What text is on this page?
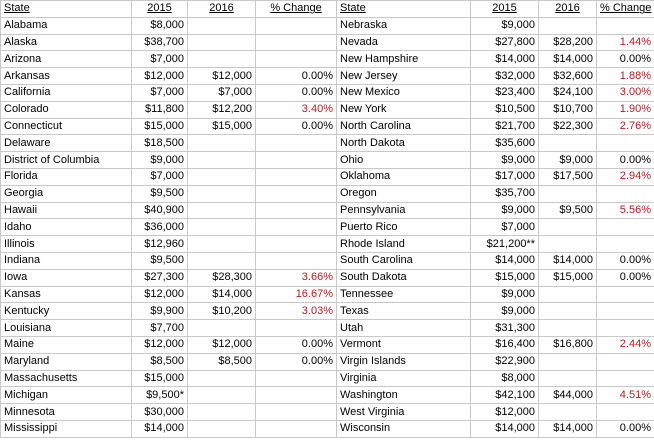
State	2015	2016	% Change	State	2015	2016	% Change
Alabama	$8,000			Nebraska	$9,000		
Alaska	$38,700			Nevada	$27,800	$28,200	1.44%
Arizona	$7,000			New Hampshire	$14,000	$14,000	0.00%
Arkansas	$12,000	$12,000	0.00%	New Jersey	$32,000	$32,600	1.88%
California	$7,000	$7,000	0.00%	New Mexico	$23,400	$24,100	3.00%
Colorado	$11,800	$12,200	3.40%	New York	$10,500	$10,700	1.90%
Connecticut	$15,000	$15,000	0.00%	North Carolina	$21,700	$22,300	2.76%
Delaware	$18,500			North Dakota	$35,600		
District of Columbia	$9,000			Ohio	$9,000	$9,000	0.00%
Florida	$7,000			Oklahoma	$17,000	$17,500	2.94%
Georgia	$9,500			Oregon	$35,700		
Hawaii	$40,900			Pennsylvania	$9,000	$9,500	5.56%
Idaho	$36,000			Puerto Rico	$7,000		
Illinois	$12,960			Rhode Island	$21,200**		
Indiana	$9,500			South Carolina	$14,000	$14,000	0.00%
Iowa	$27,300	$28,300	3.66%	South Dakota	$15,000	$15,000	0.00%
Kansas	$12,000	$14,000	16.67%	Tennessee	$9,000		
Kentucky	$9,900	$10,200	3.03%	Texas	$9,000		
Louisiana	$7,700			Utah	$31,300		
Maine	$12,000	$12,000	0.00%	Vermont	$16,400	$16,800	2.44%
Maryland	$8,500	$8,500	0.00%	Virgin Islands	$22,900		
Massachusetts	$15,000			Virginia	$8,000		
Michigan	$9,500*			Washington	$42,100	$44,000	4.51%
Minnesota	$30,000			West Virginia	$12,000		
Mississippi	$14,000			Wisconsin	$14,000	$14,000	0.00%
